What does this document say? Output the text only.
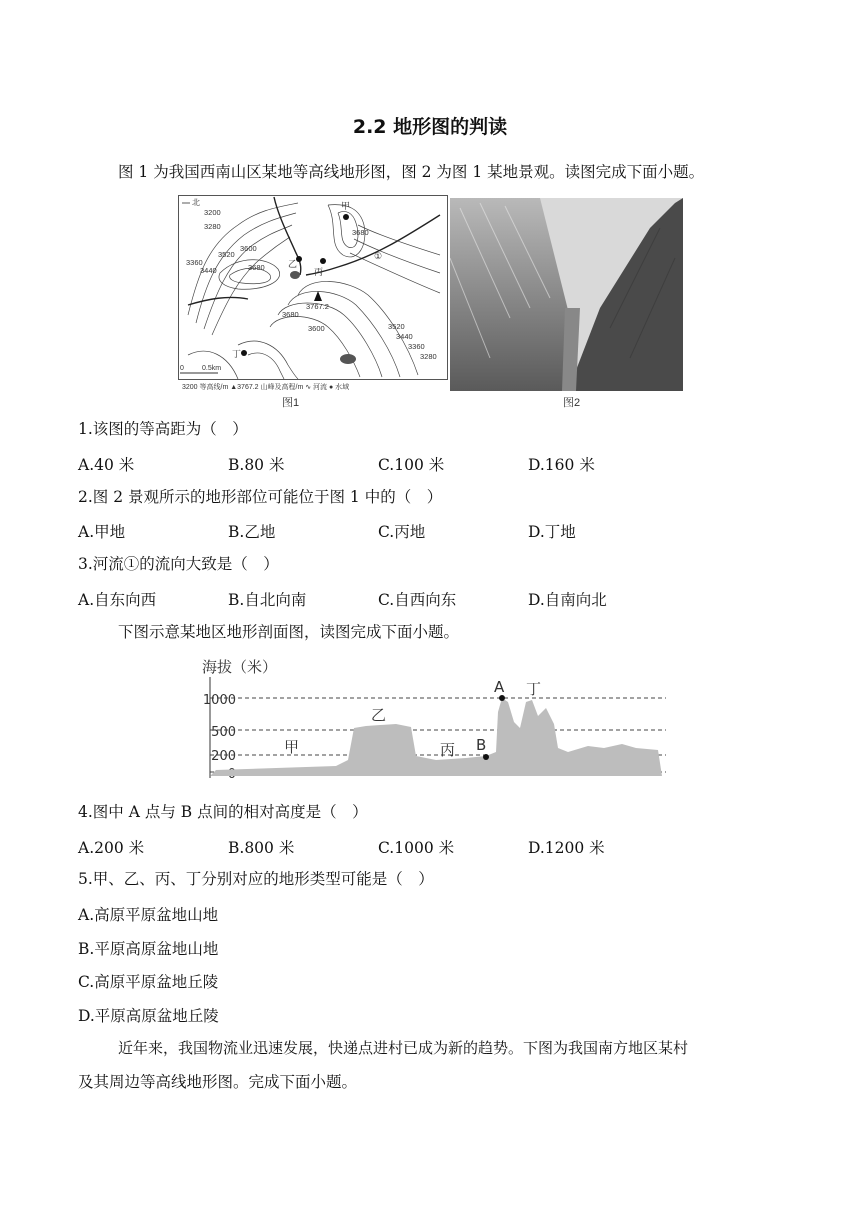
2.2 地形图的判读
图 1 为我国西南山区某地等高线地形图，图 2 为图 1 某地景观。读图完成下面小题。
3200
3280
3360
3440
3520
3600
3680
3680
3680
3600	3520
3440
3360
3280
3767.2
甲
乙
丙
丁
①
北
0.5km
0
3200 等高线/m ▲3767.2 山峰及高程/m ∿ 河流 ● 水域
图1	图2
1.该图的等高距为（　）
A.40 米	B.80 米	C.100 米	D.160 米
2.图 2 景观所示的地形部位可能位于图 1 中的（　）
A.甲地	B.乙地	C.丙地	D.丁地
3.河流①的流向大致是（　）
A.自东向西	B.自北向南	C.自西向东	D.自南向北
下图示意某地区地形剖面图，读图完成下面小题。
海拔（米）
1000
500
200
甲
乙
丙
丁
A
B
4.图中 A 点与 B 点间的相对高度是（　）
A.200 米	B.800 米	C.1000 米	D.1200 米
5.甲、乙、丙、丁分别对应的地形类型可能是（　）
A.高原平原盆地山地
B.平原高原盆地山地
C.高原平原盆地丘陵
D.平原高原盆地丘陵
近年来，我国物流业迅速发展，快递点进村已成为新的趋势。下图为我国南方地区某村
及其周边等高线地形图。完成下面小题。
